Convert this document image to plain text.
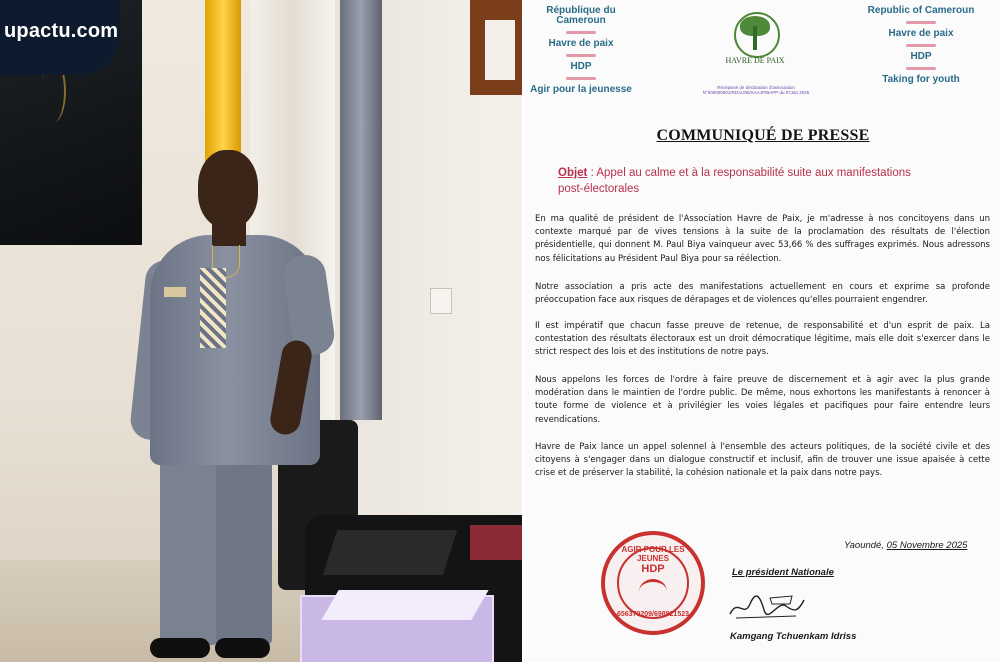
upactu.com
République du Cameroun
Havre de paix
HDP
Agir pour la jeunesse
HAVRE DE PAIX
Récépissé de déclaration d'association N°000000001/RDA/J06/SAAJP/BAPP du 07Jan 2025
Republic of Cameroun
Havre de paix
HDP
Taking for youth
COMMUNIQUÉ DE PRESSE
Objet : Appel au calme et à la responsabilité suite aux manifestations post-électorales

En ma qualité de président de l'Association Havre de Paix, je m'adresse à nos concitoyens dans un contexte marqué par de vives tensions à la suite de la proclamation des résultats de l'élection présidentielle, qui donnent M. Paul Biya vainqueur avec 53,66 % des suffrages exprimés. Nous adressons nos félicitations au Président Paul Biya pour sa réélection.

Notre association a pris acte des manifestations actuellement en cours et exprime sa profonde préoccupation face aux risques de dérapages et de violences qu'elles pourraient engendrer.

Il est impératif que chacun fasse preuve de retenue, de responsabilité et d'un esprit de paix. La contestation des résultats électoraux est un droit démocratique légitime, mais elle doit s'exercer dans le strict respect des lois et des institutions de notre pays.

Nous appelons les forces de l'ordre à faire preuve de discernement et à agir avec la plus grande modération dans le maintien de l'ordre public. De même, nous exhortons les manifestants à renoncer à toute forme de violence et à privilégier les voies légales et pacifiques pour faire entendre leurs revendications.

Havre de Paix lance un appel solennel à l'ensemble des acteurs politiques, de la société civile et des citoyens à s'engager dans un dialogue constructif et inclusif, afin de trouver une issue apaisée à cette crise et de préserver la stabilité, la cohésion nationale et la paix dans notre pays.

Yaoundé, 05 Novembre 2025
AGIR POUR LES JEUNES
HDP
656379209/698821523
Le président Nationale
Kamgang Tchuenkam Idriss
